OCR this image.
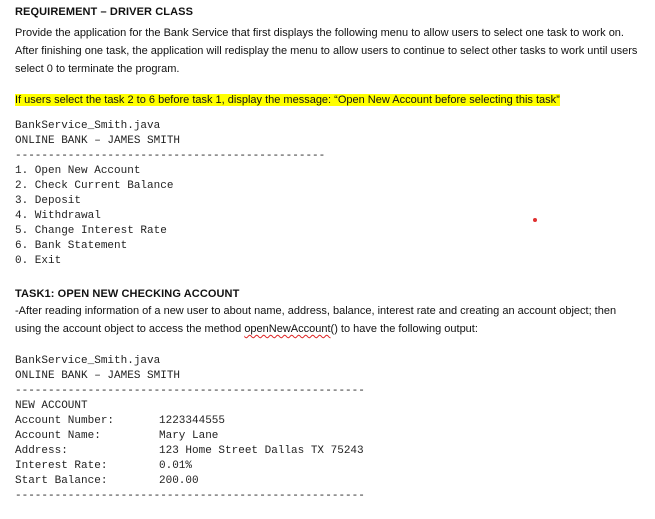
REQUIREMENT – DRIVER CLASS
Provide the application for the Bank Service that first displays the following menu to allow users to select one task to work on. After finishing one task, the application will redisplay the menu to allow users to continue to select other tasks to work until users select 0 to terminate the program.
If users select the task 2 to 6 before task 1, display the message: “Open New Account before selecting this task”
BankService_Smith.java
ONLINE BANK – JAMES SMITH
-----------------------------------------------
1. Open New Account
2. Check Current Balance
3. Deposit
4. Withdrawal
5. Change Interest Rate
6. Bank Statement
0. Exit
TASK1: OPEN NEW CHECKING ACCOUNT
-After reading information of a new user to about name, address, balance, interest rate and creating an account object; then using the account object to access the method openNewAccount() to have the following output:
BankService_Smith.java
ONLINE BANK – JAMES SMITH
-----------------------------------------------------
NEW ACCOUNT
Account Number:	1223344555
Account Name:	Mary Lane
Address:	123 Home Street Dallas TX 75243
Interest Rate:	0.01%
Start Balance:	200.00
-----------------------------------------------------
